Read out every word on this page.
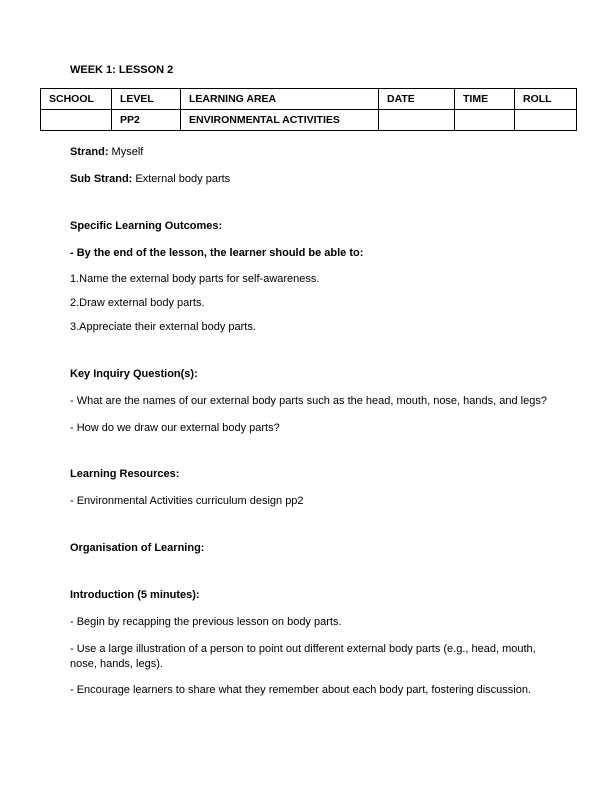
WEEK 1: LESSON 2

SCHOOL	LEVEL	LEARNING AREA	DATE	TIME	ROLL
	PP2	ENVIRONMENTAL ACTIVITIES			

Strand: Myself

Sub Strand: External body parts

Specific Learning Outcomes:

- By the end of the lesson, the learner should be able to:

1.Name the external body parts for self-awareness.

2.Draw external body parts.

3.Appreciate their external body parts.

Key Inquiry Question(s):

- What are the names of our external body parts such as the head, mouth, nose, hands, and legs?

- How do we draw our external body parts?

Learning Resources:

- Environmental Activities curriculum design pp2

Organisation of Learning:

Introduction (5 minutes):

- Begin by recapping the previous lesson on body parts.

- Use a large illustration of a person to point out different external body parts (e.g., head, mouth, nose, hands, legs).

- Encourage learners to share what they remember about each body part, fostering discussion.
